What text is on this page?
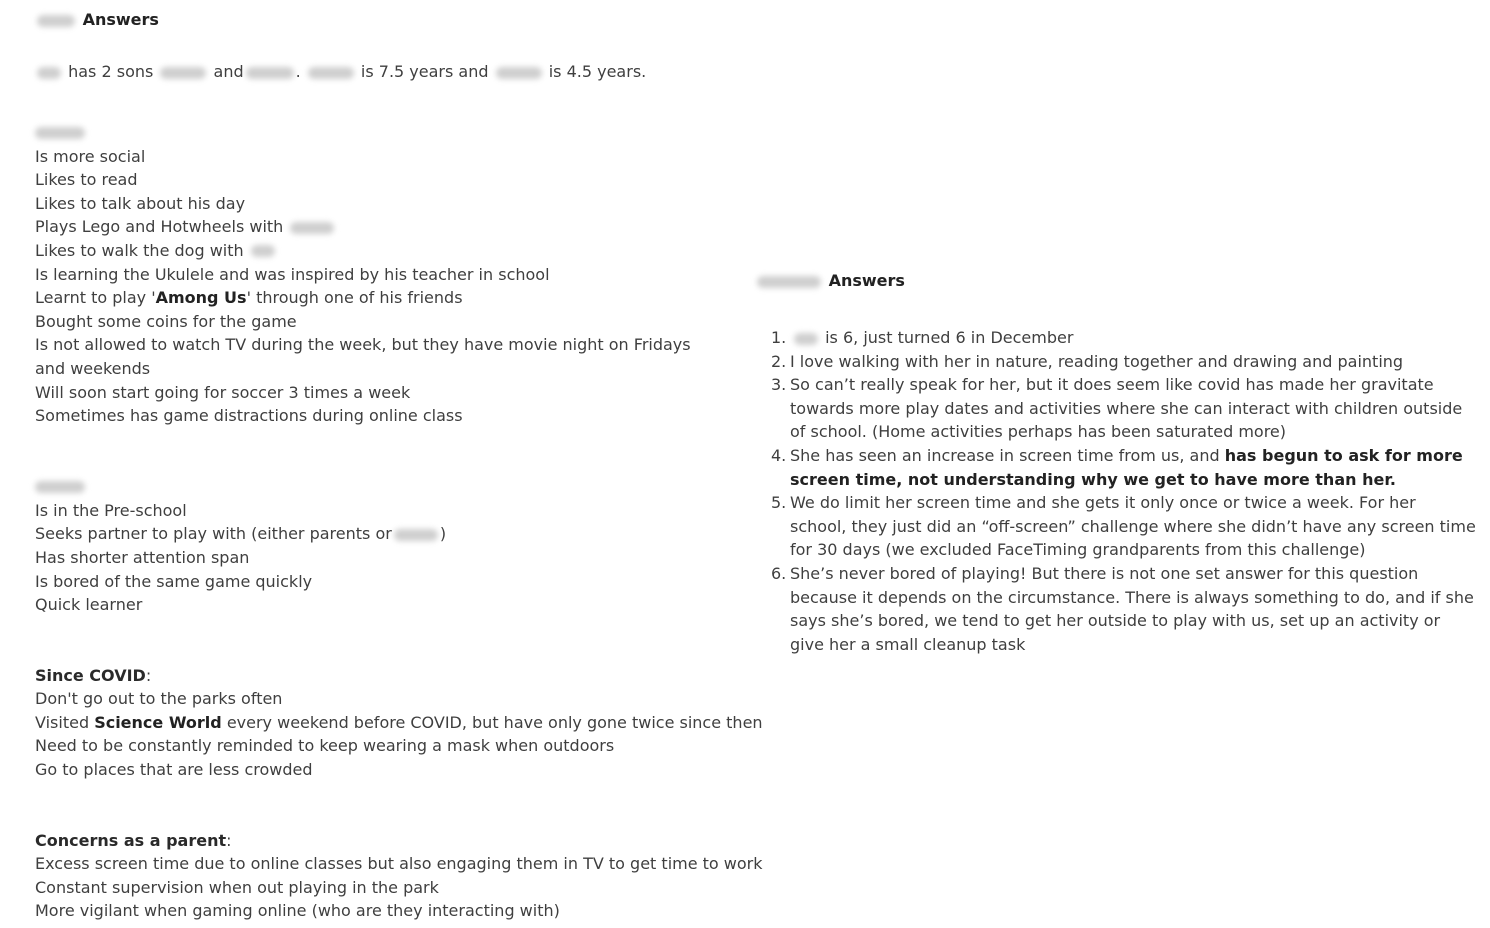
Answers
has 2 sons	and	.	is 7.5 years and	is 4.5 years.
Is more social
Likes to read
Likes to talk about his day
Plays Lego and Hotwheels with
Likes to walk the dog with
Is learning the Ukulele and was inspired by his teacher in school
Learnt to play 'Among Us' through one of his friends
Bought some coins for the game
Is not allowed to watch TV during the week, but they have movie night on Fridays and weekends
Will soon start going for soccer 3 times a week
Sometimes has game distractions during online class
Is in the Pre-school
Seeks partner to play with (either parents or	)
Has shorter attention span
Is bored of the same game quickly
Quick learner
Since COVID:
Don't go out to the parks often
Visited Science World every weekend before COVID, but have only gone twice since then
Need to be constantly reminded to keep wearing a mask when outdoors
Go to places that are less crowded
Concerns as a parent:
Excess screen time due to online classes but also engaging them in TV to get time to work
Constant supervision when out playing in the park
More vigilant when gaming online (who are they interacting with)
Answers
1. is 6, just turned 6 in December
2. I love walking with her in nature, reading together and drawing and painting
3. So can’t really speak for her, but it does seem like covid has made her gravitate towards more play dates and activities where she can interact with children outside of school. (Home activities perhaps has been saturated more)
4. She has seen an increase in screen time from us, and has begun to ask for more screen time, not understanding why we get to have more than her.
5. We do limit her screen time and she gets it only once or twice a week. For her school, they just did an “off-screen” challenge where she didn’t have any screen time for 30 days (we excluded FaceTiming grandparents from this challenge)
6. She’s never bored of playing! But there is not one set answer for this question because it depends on the circumstance. There is always something to do, and if she says she’s bored, we tend to get her outside to play with us, set up an activity or give her a small cleanup task
